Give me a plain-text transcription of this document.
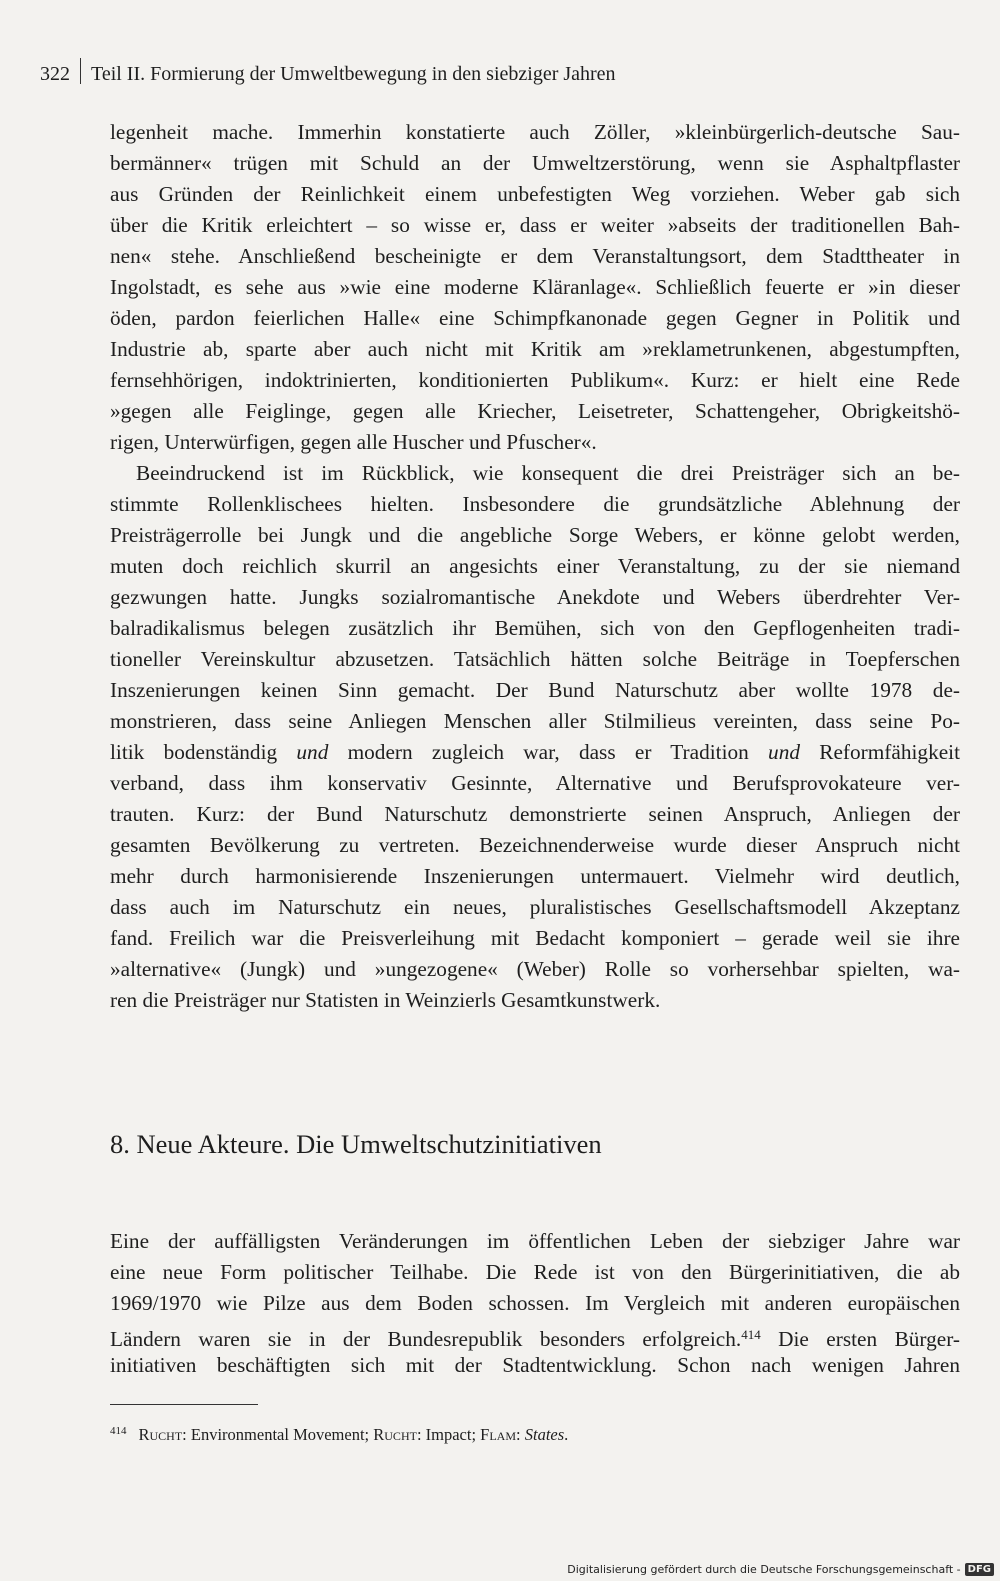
322 Teil II. Formierung der Umweltbewegung in den siebziger Jahren
legenheit mache. Immerhin konstatierte auch Zöller, »kleinbürgerlich-deutsche Sau-
bermänner« trügen mit Schuld an der Umweltzerstörung, wenn sie Asphaltpflaster
aus Gründen der Reinlichkeit einem unbefestigten Weg vorziehen. Weber gab sich
über die Kritik erleichtert – so wisse er, dass er weiter »abseits der traditionellen Bah-
nen« stehe. Anschließend bescheinigte er dem Veranstaltungsort, dem Stadttheater in
Ingolstadt, es sehe aus »wie eine moderne Kläranlage«. Schließlich feuerte er »in dieser
öden, pardon feierlichen Halle« eine Schimpfkanonade gegen Gegner in Politik und
Industrie ab, sparte aber auch nicht mit Kritik am »reklametrunkenen, abgestumpften,
fernsehhörigen, indoktrinierten, konditionierten Publikum«. Kurz: er hielt eine Rede
»gegen alle Feiglinge, gegen alle Kriecher, Leisetreter, Schattengeher, Obrigkeitshö-
rigen, Unterwürfigen, gegen alle Huscher und Pfuscher«.
Beeindruckend ist im Rückblick, wie konsequent die drei Preisträger sich an be-
stimmte Rollenklischees hielten. Insbesondere die grundsätzliche Ablehnung der
Preisträgerrolle bei Jungk und die angebliche Sorge Webers, er könne gelobt werden,
muten doch reichlich skurril an angesichts einer Veranstaltung, zu der sie niemand
gezwungen hatte. Jungks sozialromantische Anekdote und Webers überdrehter Ver-
balradikalismus belegen zusätzlich ihr Bemühen, sich von den Gepflogenheiten tradi-
tioneller Vereinskultur abzusetzen. Tatsächlich hätten solche Beiträge in Toepferschen
Inszenierungen keinen Sinn gemacht. Der Bund Naturschutz aber wollte 1978 de-
monstrieren, dass seine Anliegen Menschen aller Stilmilieus vereinten, dass seine Po-
litik bodenständig und modern zugleich war, dass er Tradition und Reformfähigkeit
verband, dass ihm konservativ Gesinnte, Alternative und Berufsprovokateure ver-
trauten. Kurz: der Bund Naturschutz demonstrierte seinen Anspruch, Anliegen der
gesamten Bevölkerung zu vertreten. Bezeichnenderweise wurde dieser Anspruch nicht
mehr durch harmonisierende Inszenierungen untermauert. Vielmehr wird deutlich,
dass auch im Naturschutz ein neues, pluralistisches Gesellschaftsmodell Akzeptanz
fand. Freilich war die Preisverleihung mit Bedacht komponiert – gerade weil sie ihre
»alternative« (Jungk) und »ungezogene« (Weber) Rolle so vorhersehbar spielten, wa-
ren die Preisträger nur Statisten in Weinzierls Gesamtkunstwerk.
8. Neue Akteure. Die Umweltschutzinitiativen
Eine der auffälligsten Veränderungen im öffentlichen Leben der siebziger Jahre war
eine neue Form politischer Teilhabe. Die Rede ist von den Bürgerinitiativen, die ab
1969/1970 wie Pilze aus dem Boden schossen. Im Vergleich mit anderen europäischen
Ländern waren sie in der Bundesrepublik besonders erfolgreich.$^{414}$ Die ersten Bürger-
initiativen beschäftigten sich mit der Stadtentwicklung. Schon nach wenigen Jahren
$^{414}$ Rucht: Environmental Movement; Rucht: Impact; Flam: States.
Digitalisierung gefördert durch die Deutsche Forschungsgemeinschaft - DFG
